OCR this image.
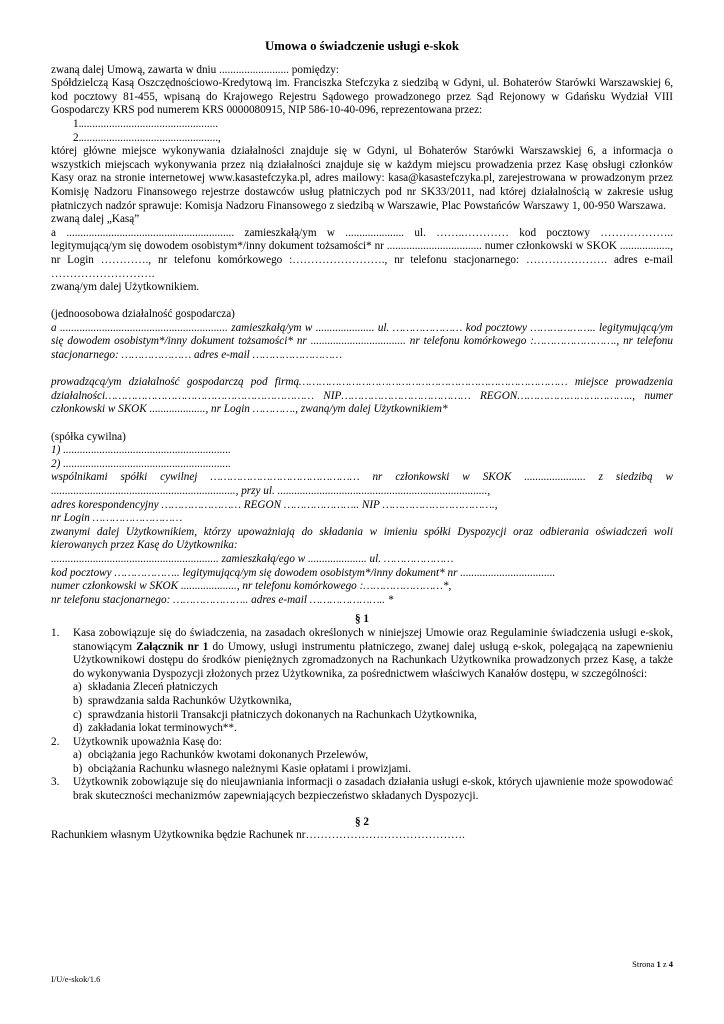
Umowa o świadczenie usługi e-skok

zwaną dalej Umową, zawarta w dniu ......................... pomiędzy:

Spółdzielczą Kasą Oszczędnościowo-Kredytową im. Franciszka Stefczyka z siedzibą w Gdyni, ul. Bohaterów Starówki Warszawskiej 6, kod pocztowy 81-455, wpisaną do Krajowego Rejestru Sądowego prowadzonego przez Sąd Rejonowy w Gdańsku Wydział VIII Gospodarczy KRS pod numerem KRS 0000080915, NIP 586-10-40-096, reprezentowana przez:

1. .................................................
2. .................................................,

której główne miejsce wykonywania działalności znajduje się w Gdyni, ul Bohaterów Starówki Warszawskiej 6, a informacja o wszystkich miejscach wykonywania przez nią działalności znajduje się w każdym miejscu prowadzenia przez Kasę obsługi członków Kasy oraz na stronie internetowej www.kasastefczyka.pl, adres mailowy: kasa@kasastefczyka.pl, zarejestrowana w prowadzonym przez Komisję Nadzoru Finansowego rejestrze dostawców usług płatniczych pod nr SK33/2011, nad której działalnością w zakresie usług płatniczych nadzór sprawuje: Komisja Nadzoru Finansowego z siedzibą w Warszawie, Plac Powstańców Warszawy 1, 00-950 Warszawa.

zwaną dalej „Kasą”

a ............................................................ zamieszkałą/ym w ..................... ul. ……..………… kod pocztowy ……………….. legitymującą/ym się dowodem osobistym*/inny dokument tożsamości* nr .................................. numer członkowski w SKOK .................., nr Login …………., nr telefonu komórkowego :……………………., nr telefonu stacjonarnego: …………………. adres e-mail ……………………….

zwaną/ym dalej Użytkownikiem.

(jednoosobowa działalność gospodarcza)

a ............................................................ zamieszkałą/ym w ..................... ul. ………………… kod pocztowy ……………….. legitymującą/ym się dowodem osobistym*/inny dokument tożsamości* nr .................................. nr telefonu komórkowego :……………………., nr telefonu stacjonarnego: ………………… adres e-mail ………………………

prowadzącą/ym działalność gospodarczą pod firmą……………………………………………………………………… miejsce prowadzenia działalności……………………………………………………… NIP………………………………… REGON…………………………….., numer członkowski w SKOK ...................., nr Login …………., zwaną/ym dalej Użytkownikiem*

(spółka cywilna)

1) ............................................................

2) ............................................................

wspólnikami spółki cywilnej ……………………………………… nr członkowski w SKOK ...................... z siedzibą w .................................................................., przy ul. ...........................................................................,

adres korespondencyjny …………………… REGON ………………….. NIP …………………………….,

nr Login ………………………

zwanymi dalej Użytkownikiem, którzy upoważniają do składania w imieniu spółki Dyspozycji oraz odbierania oświadczeń woli kierowanych przez Kasę do Użytkownika:

............................................................ zamieszkałą/ego w ..................... ul. …………………

kod pocztowy ……………….. legitymującą/ym się dowodem osobistym*/inny dokument* nr ..................................

numer członkowski w SKOK ...................., nr telefonu komórkowego :……………………*,

nr telefonu stacjonarnego: ………………….. adres e-mail ………………….. *

§ 1
1.	Kasa zobowiązuje się do świadczenia, na zasadach określonych w niniejszej Umowie oraz Regulaminie świadczenia usługi e-skok, stanowiącym Załącznik nr 1 do Umowy, usługi instrumentu płatniczego, zwanej dalej usługą e-skok, polegającą na zapewnieniu Użytkownikowi dostępu do środków pieniężnych zgromadzonych na Rachunkach Użytkownika prowadzonych przez Kasę, a także do wykonywania Dyspozycji złożonych przez Użytkownika, za pośrednictwem właściwych Kanałów dostępu, w szczególności:
a) składania Zleceń płatniczych
b) sprawdzania salda Rachunków Użytkownika,
c) sprawdzania historii Transakcji płatniczych dokonanych na Rachunkach Użytkownika,
d) zakładania lokat terminowych**.
2.	Użytkownik upoważnia Kasę do:
a) obciążania jego Rachunków kwotami dokonanych Przelewów,
b) obciążania Rachunku własnego należnymi Kasie opłatami i prowizjami.
3.	Użytkownik zobowiązuje się do nieujawniania informacji o zasadach działania usługi e-skok, których ujawnienie może spowodować brak skuteczności mechanizmów zapewniających bezpieczeństwo składanych Dyspozycji.
§ 2

Rachunkiem własnym Użytkownika będzie Rachunek nr…………………………………….

Strona 1 z 4
I/U/e-skok/1.6
